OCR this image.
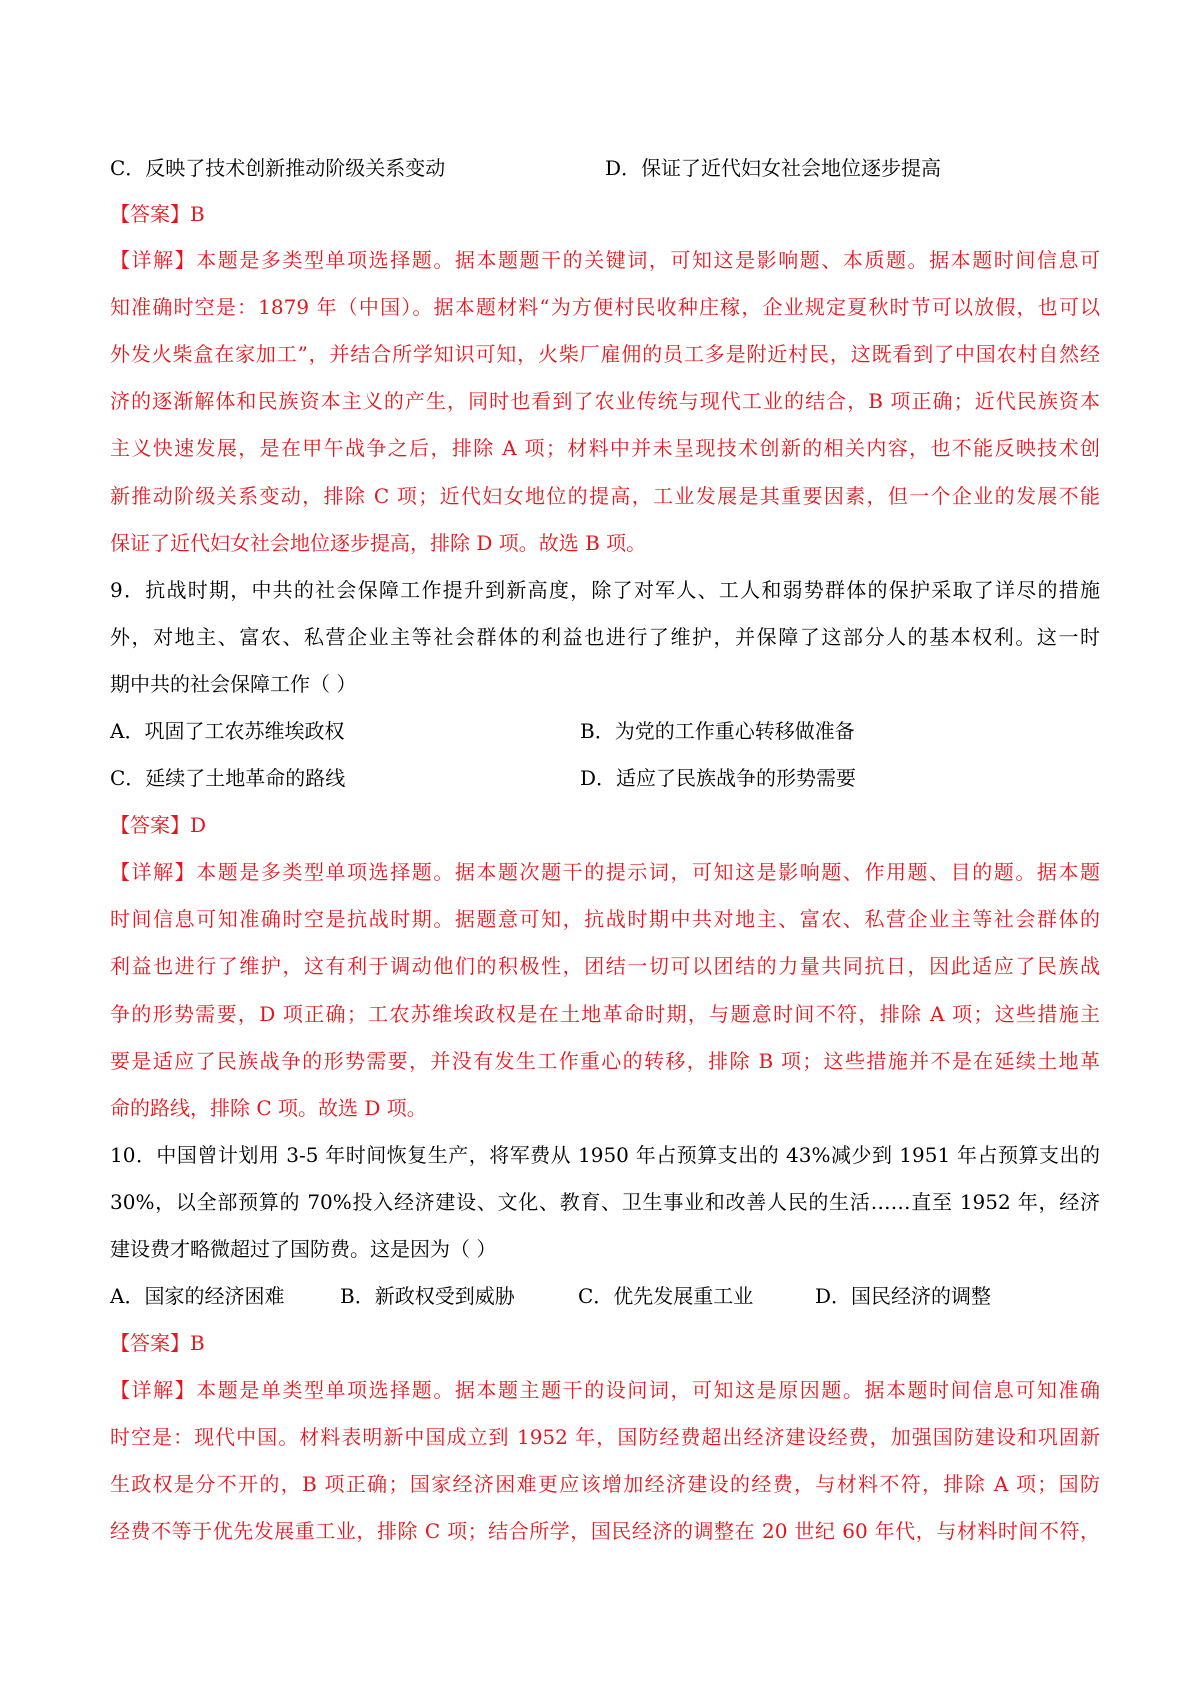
C．反映了技术创新推动阶级关系变动	D．保证了近代妇女社会地位逐步提高
【答案】B
【详解】本题是多类型单项选择题。据本题题干的关键词，可知这是影响题、本质题。据本题时间信息可
知准确时空是：1879 年（中国）。据本题材料“为方便村民收种庄稼，企业规定夏秋时节可以放假，也可以
外发火柴盒在家加工”，并结合所学知识可知，火柴厂雇佣的员工多是附近村民，这既看到了中国农村自然经
济的逐渐解体和民族资本主义的产生，同时也看到了农业传统与现代工业的结合，B 项正确；近代民族资本
主义快速发展，是在甲午战争之后，排除 A 项；材料中并未呈现技术创新的相关内容，也不能反映技术创
新推动阶级关系变动，排除 C 项；近代妇女地位的提高，工业发展是其重要因素，但一个企业的发展不能
保证了近代妇女社会地位逐步提高，排除 D 项。故选 B 项。
9．抗战时期，中共的社会保障工作提升到新高度，除了对军人、工人和弱势群体的保护采取了详尽的措施
外，对地主、富农、私营企业主等社会群体的利益也进行了维护，并保障了这部分人的基本权利。这一时
期中共的社会保障工作（ ）
A．巩固了工农苏维埃政权	B．为党的工作重心转移做准备
C．延续了土地革命的路线	D．适应了民族战争的形势需要
【答案】D
【详解】本题是多类型单项选择题。据本题次题干的提示词，可知这是影响题、作用题、目的题。据本题
时间信息可知准确时空是抗战时期。据题意可知，抗战时期中共对地主、富农、私营企业主等社会群体的
利益也进行了维护，这有利于调动他们的积极性，团结一切可以团结的力量共同抗日，因此适应了民族战
争的形势需要，D 项正确；工农苏维埃政权是在土地革命时期，与题意时间不符，排除 A 项；这些措施主
要是适应了民族战争的形势需要，并没有发生工作重心的转移，排除 B 项；这些措施并不是在延续土地革
命的路线，排除 C 项。故选 D 项。
10．中国曾计划用 3-5 年时间恢复生产，将军费从 1950 年占预算支出的 43%减少到 1951 年占预算支出的
30%，以全部预算的 70%投入经济建设、文化、教育、卫生事业和改善人民的生活……直至 1952 年，经济
建设费才略微超过了国防费。这是因为（ ）
A．国家的经济困难	B．新政权受到威胁	C．优先发展重工业	D．国民经济的调整
【答案】B
【详解】本题是单类型单项选择题。据本题主题干的设问词，可知这是原因题。据本题时间信息可知准确
时空是：现代中国。材料表明新中国成立到 1952 年，国防经费超出经济建设经费，加强国防建设和巩固新
生政权是分不开的，B 项正确；国家经济困难更应该增加经济建设的经费，与材料不符，排除 A 项；国防
经费不等于优先发展重工业，排除 C 项；结合所学，国民经济的调整在 20 世纪 60 年代，与材料时间不符，
